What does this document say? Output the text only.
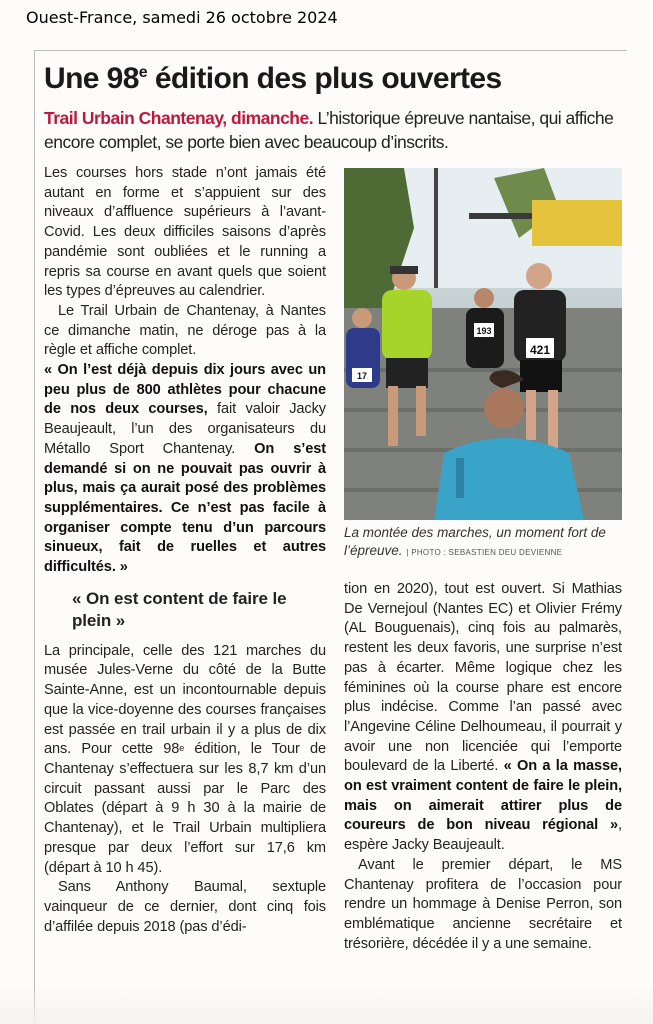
Ouest-France, samedi 26 octobre 2024
Une 98e édition des plus ouvertes
Trail Urbain Chantenay, dimanche. L’historique épreuve nantaise, qui affiche encore complet, se porte bien avec beaucoup d’inscrits.

Les courses hors stade n’ont jamais été autant en forme et s’appuient sur des niveaux d’affluence supérieurs à l’avant-Covid. Les deux difficiles saisons d’après pandémie sont oubliées et le running a repris sa course en avant quels que soient les types d’épreuves au calendrier.

Le Trail Urbain de Chantenay, à Nantes ce dimanche matin, ne déroge pas à la règle et affiche complet.

« On l’est déjà depuis dix jours avec un peu plus de 800 athlètes pour chacune de nos deux courses, fait valoir Jacky Beaujeault, l’un des organisateurs du Métallo Sport Chantenay. On s’est demandé si on ne pouvait pas ouvrir à plus, mais ça aurait posé des problèmes supplémentaires. Ce n’est pas facile à organiser compte tenu d’un parcours sinueux, fait de ruelles et autres difficultés. »

« On est content de faire le plein »

La principale, celle des 121 marches du musée Jules-Verne du côté de la Butte Sainte-Anne, est un incontournable depuis que la vice-doyenne des courses françaises est passée en trail urbain il y a plus de dix ans. Pour cette 98e édition, le Tour de Chantenay s’effectuera sur les 8,7 km d’un circuit passant aussi par le Parc des Oblates (départ à 9 h 30 à la mairie de Chantenay), et le Trail Urbain multipliera presque par deux l’effort sur 17,6 km (départ à 10 h 45).

Sans Anthony Baumal, sextuple vainqueur de ce dernier, dont cinq fois d’affilée depuis 2018 (pas d’édi-

421
193
17
La montée des marches, un moment fort de l’épreuve. | PHOTO : SEBASTIEN DEU DEVIENNE

tion en 2020), tout est ouvert. Si Mathias De Vernejoul (Nantes EC) et Olivier Frémy (AL Bouguenais), cinq fois au palmarès, restent les deux favoris, une surprise n’est pas à écarter. Même logique chez les féminines où la course phare est encore plus indécise. Comme l’an passé avec l’Angevine Céline Delhoumeau, il pourrait y avoir une non licenciée qui l’emporte boulevard de la Liberté. « On a la masse, on est vraiment content de faire le plein, mais on aimerait attirer plus de coureurs de bon niveau régional », espère Jacky Beaujeault.

Avant le premier départ, le MS Chantenay profitera de l’occasion pour rendre un hommage à Denise Perron, son emblématique ancienne secrétaire et trésorière, décédée il y a une semaine.
